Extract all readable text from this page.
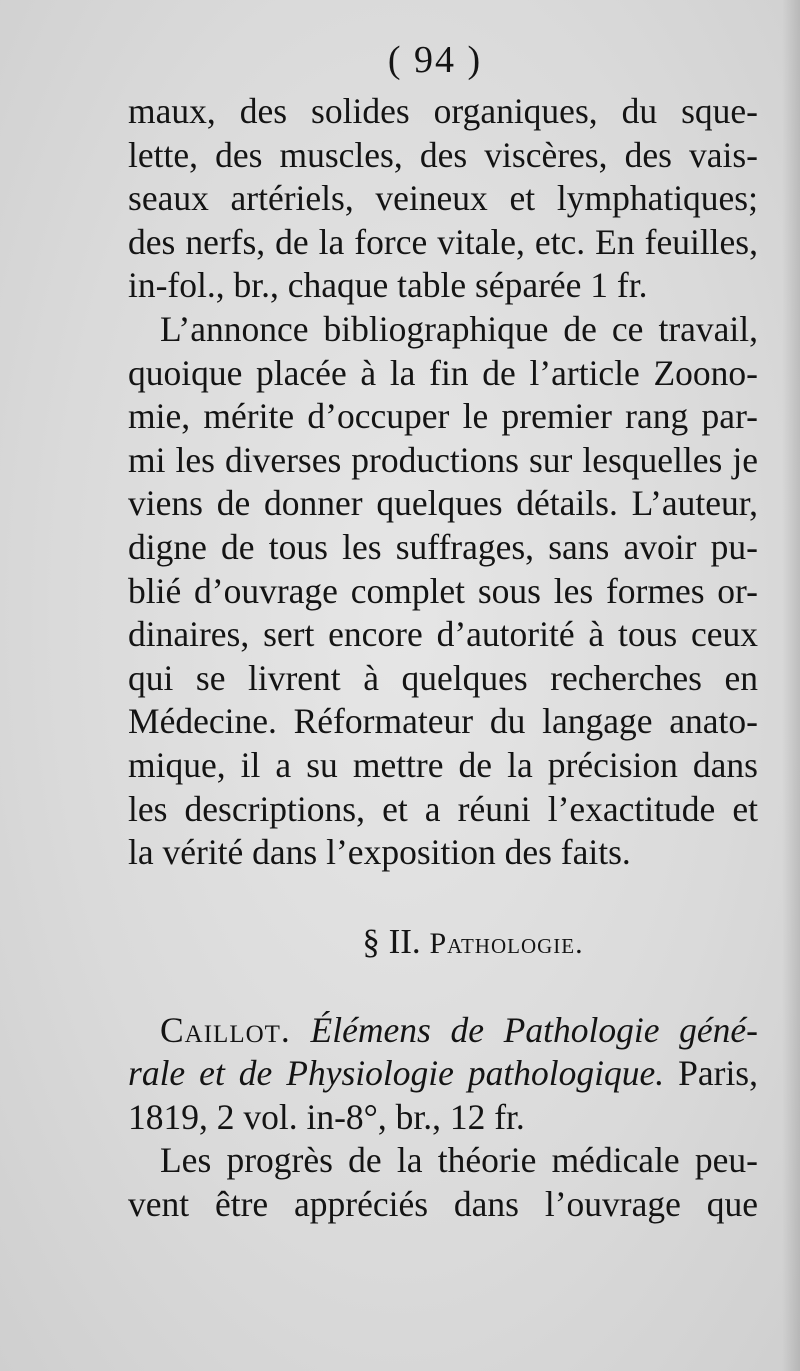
( 94 )
maux, des solides organiques, du sque-
lette, des muscles, des viscères, des vais-
seaux artériels, veineux et lymphatiques;
des nerfs, de la force vitale, etc. En feuilles,
in-fol., br., chaque table séparée 1 fr.
L’annonce bibliographique de ce travail,
quoique placée à la fin de l’article Zoono-
mie, mérite d’occuper le premier rang par-
mi les diverses productions sur lesquelles je
viens de donner quelques détails. L’auteur,
digne de tous les suffrages, sans avoir pu-
blié d’ouvrage complet sous les formes or-
dinaires, sert encore d’autorité à tous ceux
qui se livrent à quelques recherches en
Médecine. Réformateur du langage anato-
mique, il a su mettre de la précision dans
les descriptions, et a réuni l’exactitude et
la vérité dans l’exposition des faits.
§ II. Pathologie.
Caillot. Élémens de Pathologie géné-
rale et de Physiologie pathologique. Paris,
1819, 2 vol. in-8°, br., 12 fr.
Les progrès de la théorie médicale peu-
vent être appréciés dans l’ouvrage que
